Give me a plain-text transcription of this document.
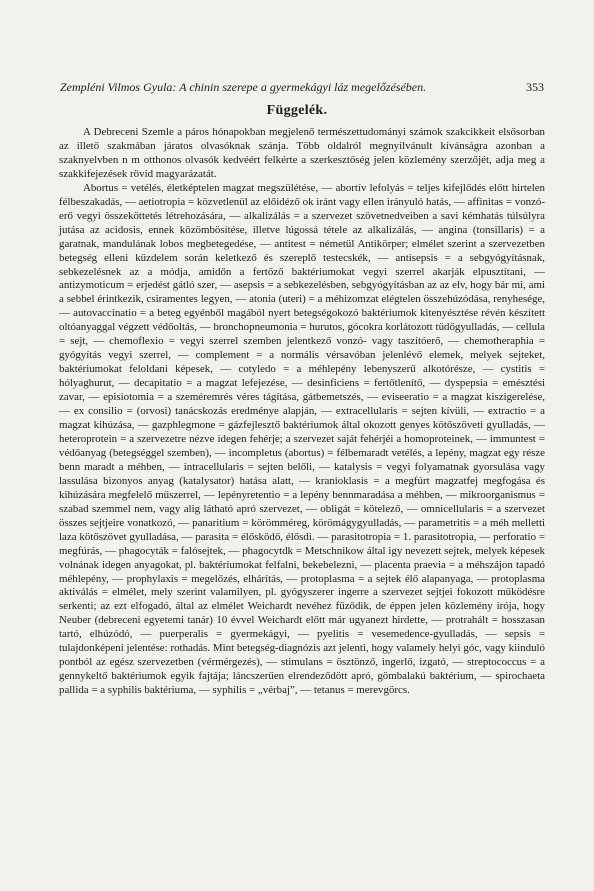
Zempléni Vilmos Gyula: A chinin szerepe a gyermekágyi láz megelőzésében.	353
Függelék.

A Debreceni Szemle a páros hónapokban megjelenő természettudományi számok szakcikkeit elsősorban az illető szakmában járatos olvasóknak szánja. Több oldalról megnyilvánult kívánságra azonban a szaknyelvben n m otthonos olvasók kedvéért felkérte a szerkesztőség jelen közlemény szerzőjét, adja meg a szakkifejezések rövid magyarázatát.

Abortus = vetélés, életképtelen magzat megszülétése, — abortív lefolyás = teljes kifejlődés előtt hirtelen félbeszakadás, — aetiotropia = közvetlenül az előidéző ok iránt vagy ellen irányuló hatás, — affinitas = vonzó-erő vegyi összeköttetés létrehozására, — alkalizálás = a szervezet szövetnedveiben a savi kémhatás túlsúlyra jutása az acidosis, ennek közömbösítése, illetve lúgossá tétele az alkalizálás, — angina (tonsillaris) = a garatnak, mandulának lobos megbetegedése, — antitest = németül Antikörper; elmélet szerint a szervezetben betegség elleni küzdelem során keletkező és szereplő testecskék, — antisepsis = a sebgyógyításnak, sebkezelésnek az a módja, amidőn a fertőző baktériumokat vegyi szerrel akarják elpusztítani, — antizymoticum = erjedést gátló szer, — asepsis = a sebkezelésben, sebgyógyításban az az elv, hogy bár mi, ami a sebbel érintkezik, csiramentes legyen, — atonia (uteri) = a méhizomzat elégtelen összehúzódása, renyhesége, — autovaccinatio = a beteg egyénből magából nyert betegségokozó baktériumok kitenyésztése révén készített oltóanyaggal végzett védőoltás, — bronchopneumonia = hurutos, gócokra korlátozott tüdőgyulladás, — cellula = sejt, — chemoflexio = vegyi szerrel szemben jelentkező vonzó- vagy taszítóerő, — chemotheraphia = gyógyítás vegyi szerrel, — complement = a normális vérsavóban jelenlévő elemek, melyek sejteket, baktériumokat feloldani képesek, — cotyledo = a méhlepény lebenyszerű alkotórésze, — cystitis = hólyaghurut, — decapitatio = a magzat lefejezése, — desinficiens = fertőtlenítő, — dyspepsia = emésztési zavar, — episiotomia = a szeméremrés véres tágítása, gátbemetszés, — eviseeratio = a magzat kiszigerelése, — ex consilio = (orvosi) tanácskozás eredménye alapján, — extracellularis = sejten kívüli, — extractio = a magzat kihúzása, — gazphlegmone = gázfejlesztő baktériumok által okozott genyes kötőszöveti gyulladás, — heteroprotein = a szervezetre nézve idegen fehérje; a szervezet saját fehérjéi a homoproteinek, — immuntest = védőanyag (betegséggel szemben), — incompletus (abortus) = félbemaradt vetélés, a lepény, magzat egy része benn maradt a méhben, — intracellularis = sejten belőli, — katalysis = vegyi folyamatnak gyorsulása vagy lassulása bizonyos anyag (katalysator) hatása alatt, — kranioklasis = a megfúrt magzatfej megfogása és kihúzására megfelelő műszerrel, — lepényretentio = a lepény bennmaradása a méhben, — mikroorganismus = szabad szemmel nem, vagy alig látható apró szervezet, — obligát = kötelező, — omnicellularis = a szervezet összes sejtjeire vonatkozó, — panaritium = körömméreg, körömágygyulladás, — parametritis = a méh melletti laza kötőszövet gyulladása, — parasita = élősködő, élősdi. — parasitotropia = 1. parasitotropia, — perforatio = megfúrás, — phagocyták = falósejtek, — phagocytdk = Metschnikow által igy nevezett sejtek, melyek képesek volnának idegen anyagokat, pl. baktériumokat felfalni, bekebelezni, — placenta praevia = a méhszájon tapadó méhlepény, — prophylaxis = megelőzés, elhárítás, — protoplasma = a sejtek élő alapanyaga, — protoplasma aktiválás = elmélet, mely szerint valamilyen, pl. gyógyszerer ingerre a szervezet sejtjei fokozott működésre serkenti; az ezt elfogadó, által az elmélet Weichardt nevéhez fűződik, de éppen jelen közlemény írója, hogy Neuber (debreceni egyetemi tanár) 10 évvel Weichardt előtt már ugyanezt hirdette, — protrahált = hosszasan tartó, elhúzódó, — puerperalis = gyermekágyi, — pyelitis = vesemedence-gyulladás, — sepsis = tulajdonképeni jelentése: rothadás. Mint betegség-diagnózis azt jelenti, hogy valamely helyi góc, vagy kiinduló pontból az egész szervezetben (vérmérgezés), — stimulans = ösztönző, ingerlő, izgató, — streptococcus = a gennykeltő baktériumok egyik fajtája; láncszerűen elrendeződött apró, gömbalakú baktérium, — spirochaeta pallida = a syphilis baktériuma, — syphilis = „vérbaj”, — tetanus = merevgörcs.
